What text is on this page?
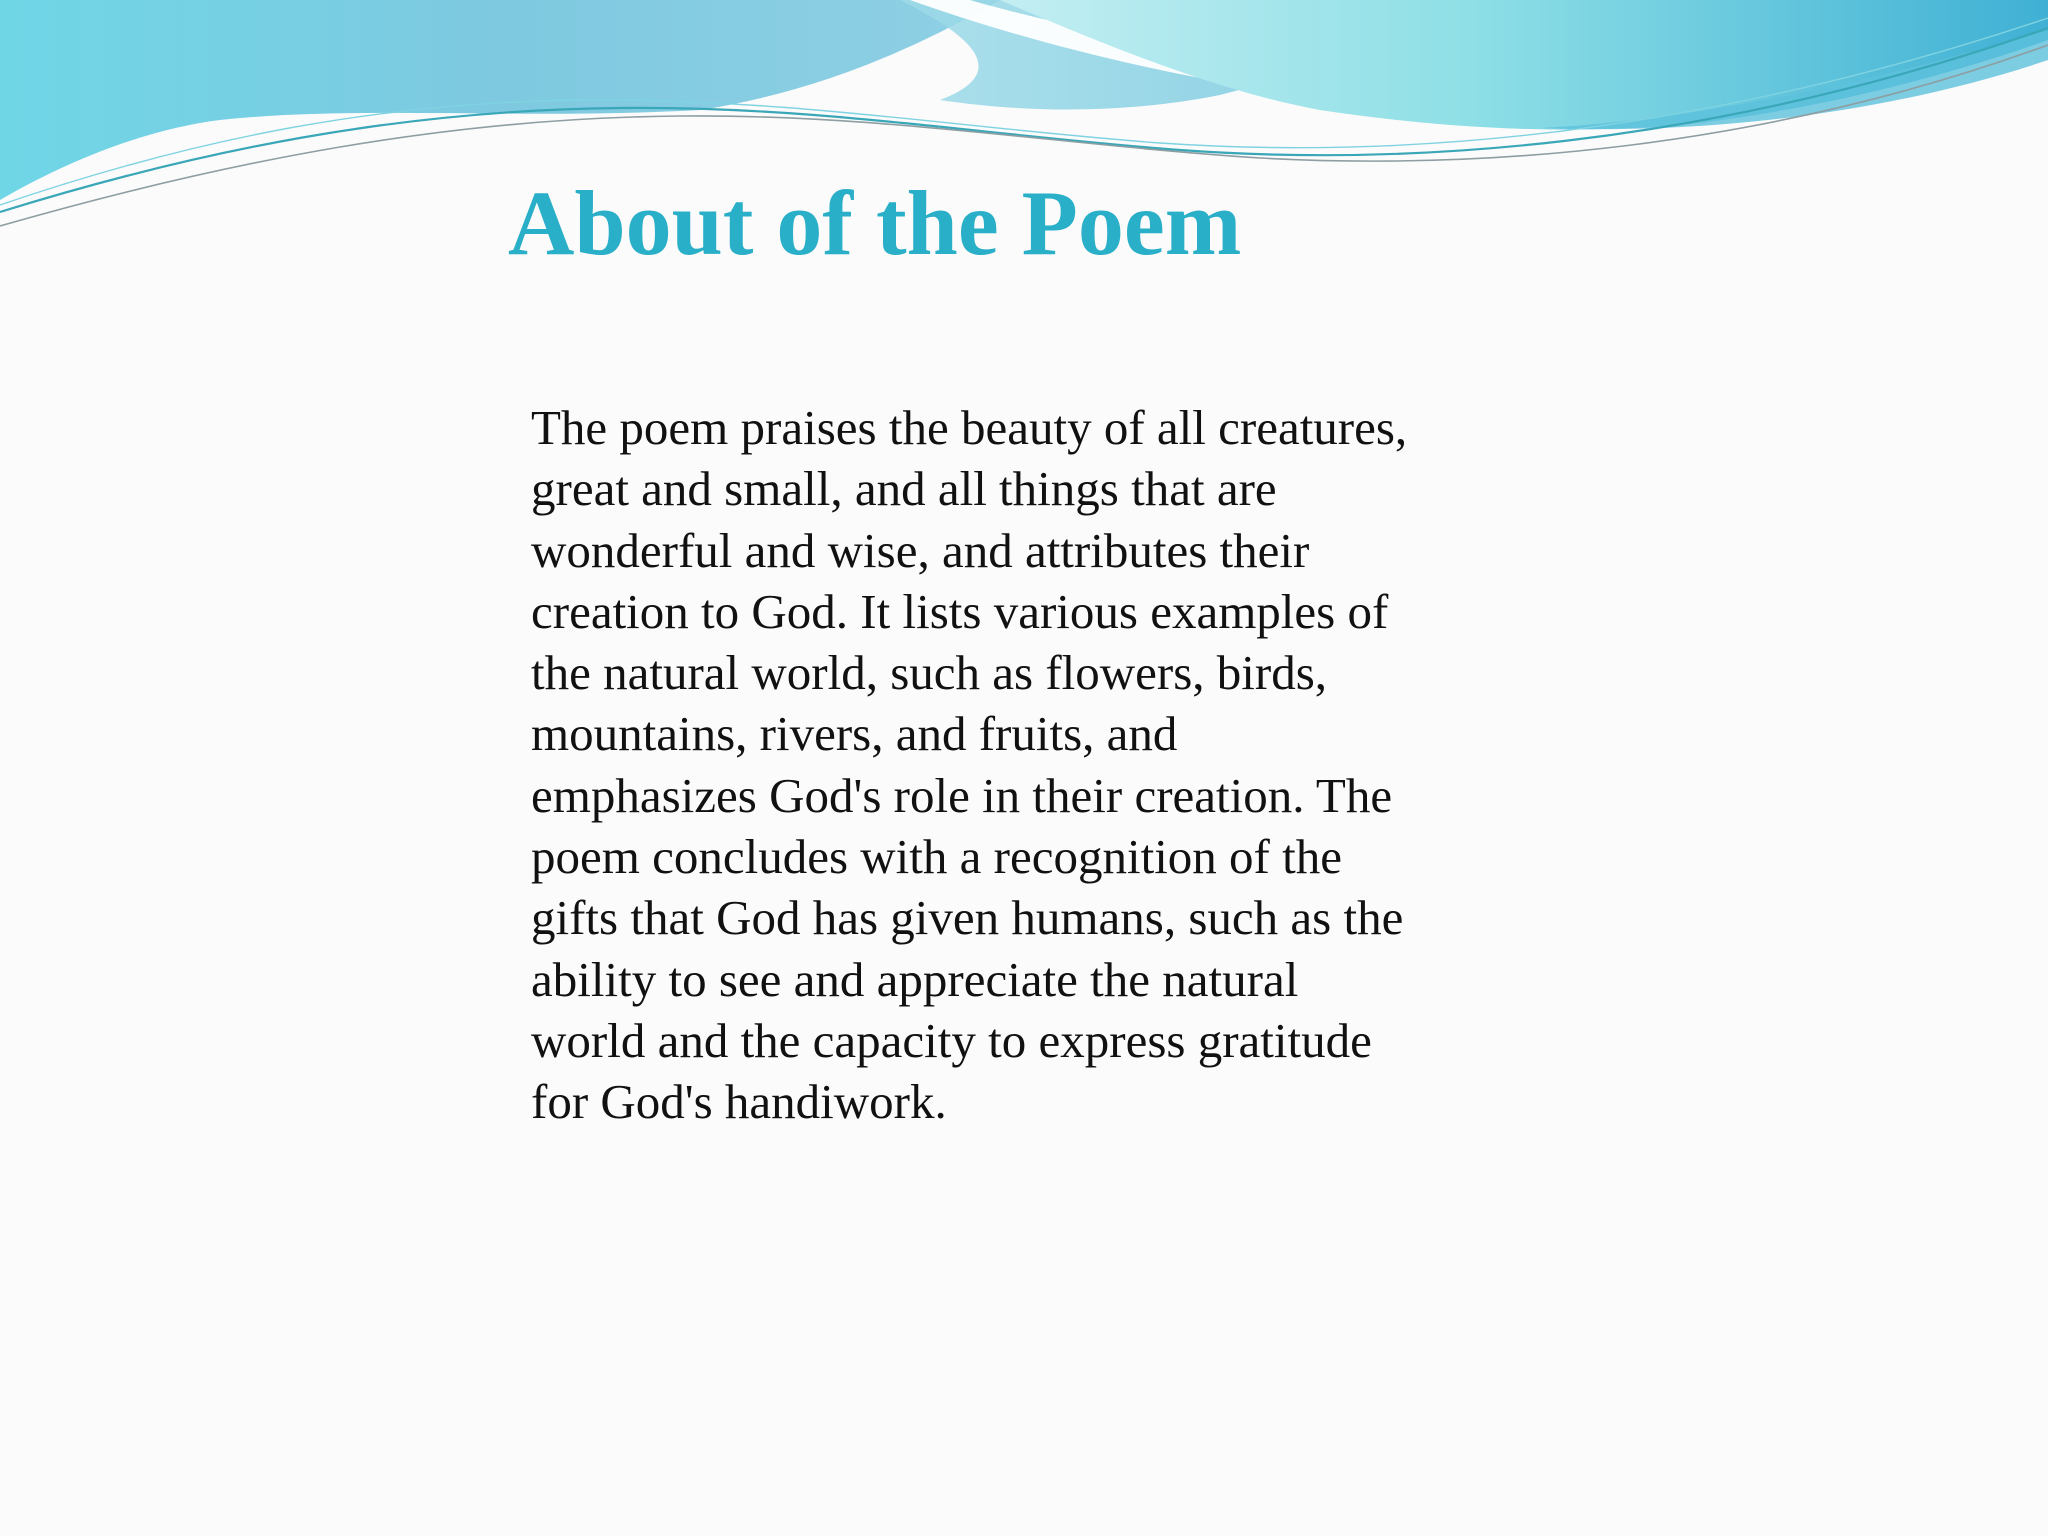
About of the Poem

The poem praises the beauty of all creatures,
great and small, and all things that are
wonderful and wise, and attributes their
creation to God. It lists various examples of
the natural world, such as flowers, birds,
mountains, rivers, and fruits, and
emphasizes God's role in their creation. The
poem concludes with a recognition of the
gifts that God has given humans, such as the
ability to see and appreciate the natural
world and the capacity to express gratitude
for God's handiwork.
